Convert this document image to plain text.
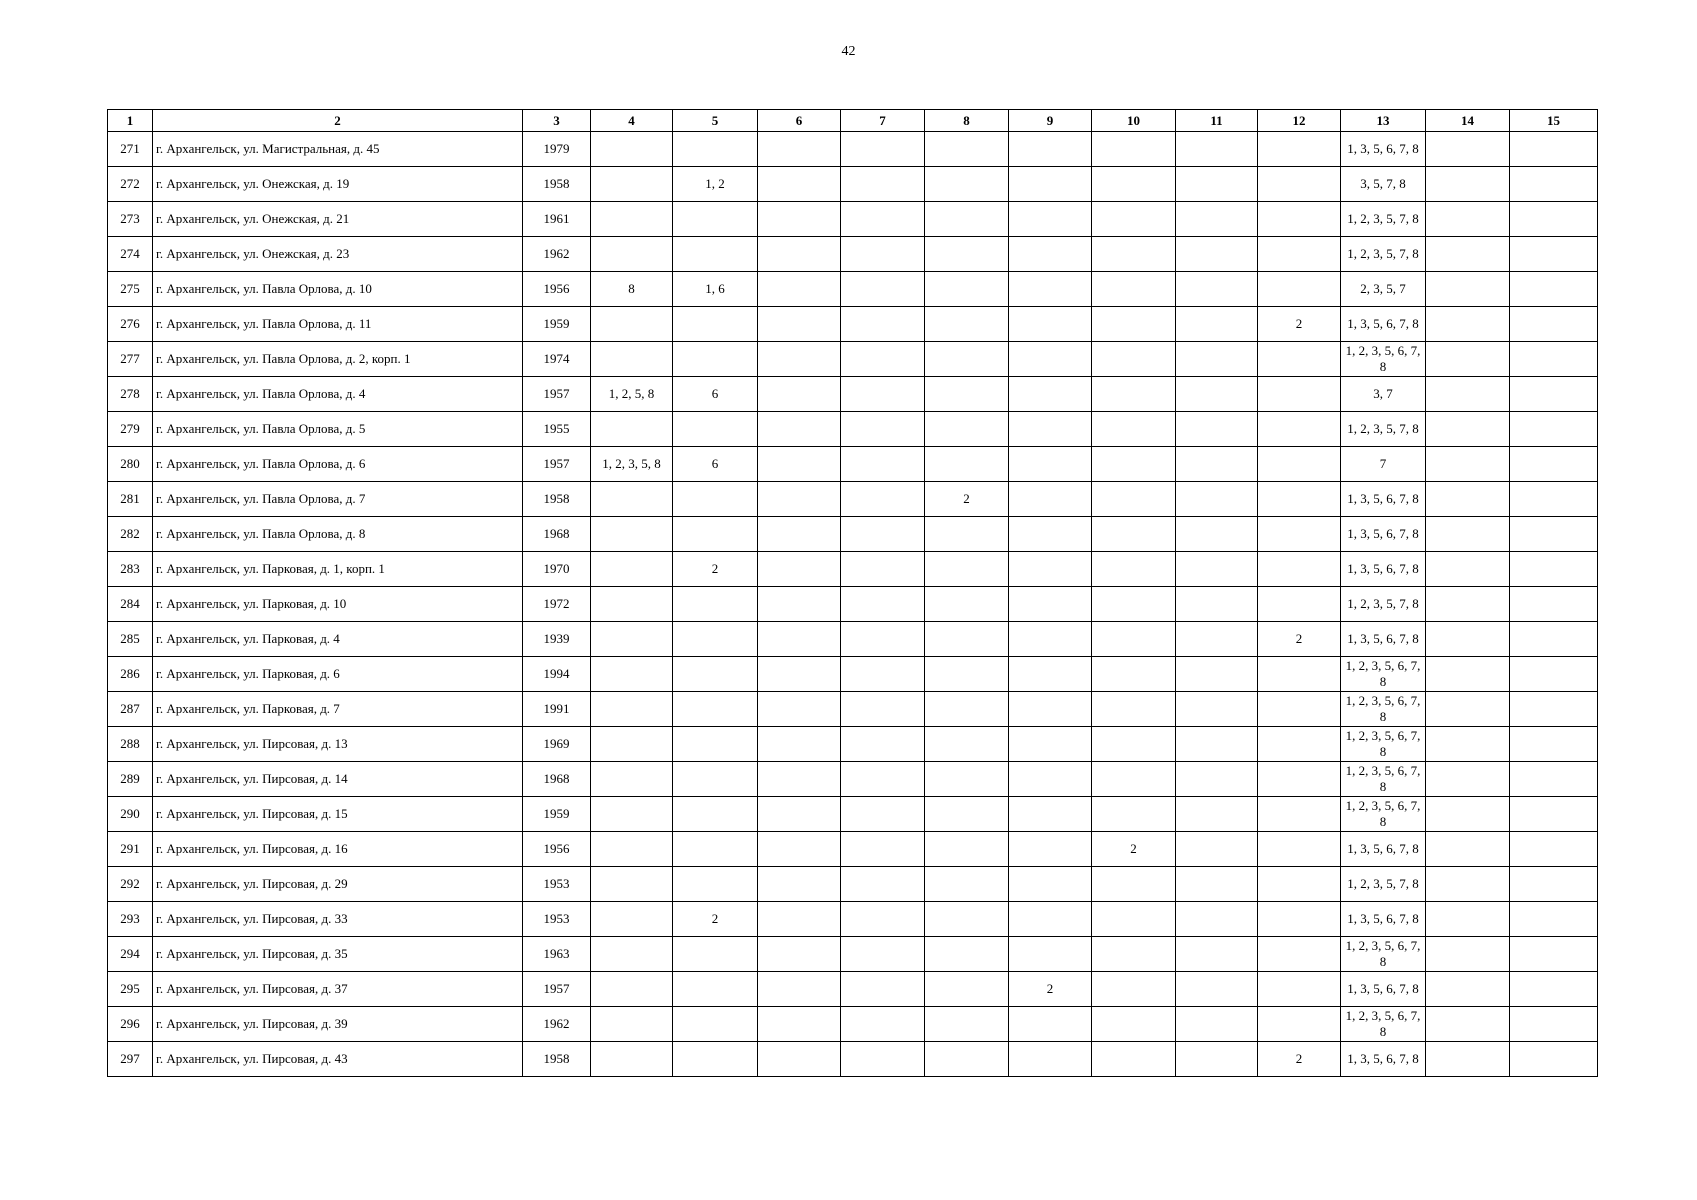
42
1	2	3	4	5	6	7	8	9	10	11	12	13	14	15
271	г. Архангельск, ул. Магистральная, д. 45	1979										1, 3, 5, 6, 7, 8		
272	г. Архангельск, ул. Онежская, д. 19	1958		1, 2								3, 5, 7, 8		
273	г. Архангельск, ул. Онежская, д. 21	1961										1, 2, 3, 5, 7, 8		
274	г. Архангельск, ул. Онежская, д. 23	1962										1, 2, 3, 5, 7, 8		
275	г. Архангельск, ул. Павла Орлова, д. 10	1956	8	1, 6								2, 3, 5, 7		
276	г. Архангельск, ул. Павла Орлова, д. 11	1959									2	1, 3, 5, 6, 7, 8		
277	г. Архангельск, ул. Павла Орлова, д. 2, корп. 1	1974										1, 2, 3, 5, 6, 7, 8		
278	г. Архангельск, ул. Павла Орлова, д. 4	1957	1, 2, 5, 8	6								3, 7		
279	г. Архангельск, ул. Павла Орлова, д. 5	1955										1, 2, 3, 5, 7, 8		
280	г. Архангельск, ул. Павла Орлова, д. 6	1957	1, 2, 3, 5, 8	6								7		
281	г. Архангельск, ул. Павла Орлова, д. 7	1958					2					1, 3, 5, 6, 7, 8		
282	г. Архангельск, ул. Павла Орлова, д. 8	1968										1, 3, 5, 6, 7, 8		
283	г. Архангельск, ул. Парковая, д. 1, корп. 1	1970		2								1, 3, 5, 6, 7, 8		
284	г. Архангельск, ул. Парковая, д. 10	1972										1, 2, 3, 5, 7, 8		
285	г. Архангельск, ул. Парковая, д. 4	1939									2	1, 3, 5, 6, 7, 8		
286	г. Архангельск, ул. Парковая, д. 6	1994										1, 2, 3, 5, 6, 7, 8		
287	г. Архангельск, ул. Парковая, д. 7	1991										1, 2, 3, 5, 6, 7, 8		
288	г. Архангельск, ул. Пирсовая, д. 13	1969										1, 2, 3, 5, 6, 7, 8		
289	г. Архангельск, ул. Пирсовая, д. 14	1968										1, 2, 3, 5, 6, 7, 8		
290	г. Архангельск, ул. Пирсовая, д. 15	1959										1, 2, 3, 5, 6, 7, 8		
291	г. Архангельск, ул. Пирсовая, д. 16	1956							2			1, 3, 5, 6, 7, 8		
292	г. Архангельск, ул. Пирсовая, д. 29	1953										1, 2, 3, 5, 7, 8		
293	г. Архангельск, ул. Пирсовая, д. 33	1953		2								1, 3, 5, 6, 7, 8		
294	г. Архангельск, ул. Пирсовая, д. 35	1963										1, 2, 3, 5, 6, 7, 8		
295	г. Архангельск, ул. Пирсовая, д. 37	1957						2				1, 3, 5, 6, 7, 8		
296	г. Архангельск, ул. Пирсовая, д. 39	1962										1, 2, 3, 5, 6, 7, 8		
297	г. Архангельск, ул. Пирсовая, д. 43	1958									2	1, 3, 5, 6, 7, 8		
